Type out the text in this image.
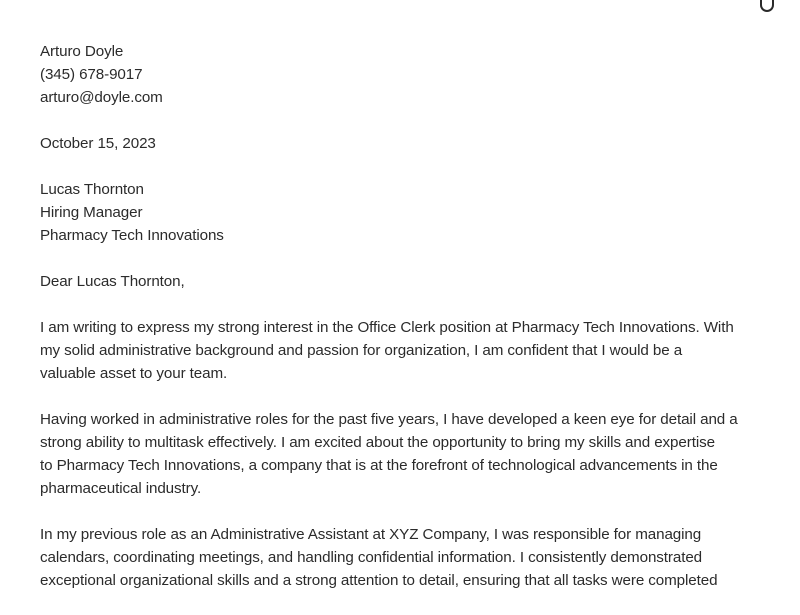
Arturo Doyle
(345) 678-9017
arturo@doyle.com
October 15, 2023
Lucas Thornton
Hiring Manager
Pharmacy Tech Innovations
Dear Lucas Thornton,

I am writing to express my strong interest in the Office Clerk position at Pharmacy Tech Innovations. With
my solid administrative background and passion for organization, I am confident that I would be a
valuable asset to your team.

Having worked in administrative roles for the past five years, I have developed a keen eye for detail and a
strong ability to multitask effectively. I am excited about the opportunity to bring my skills and expertise
to Pharmacy Tech Innovations, a company that is at the forefront of technological advancements in the
pharmaceutical industry.

In my previous role as an Administrative Assistant at XYZ Company, I was responsible for managing
calendars, coordinating meetings, and handling confidential information. I consistently demonstrated
exceptional organizational skills and a strong attention to detail, ensuring that all tasks were completed
